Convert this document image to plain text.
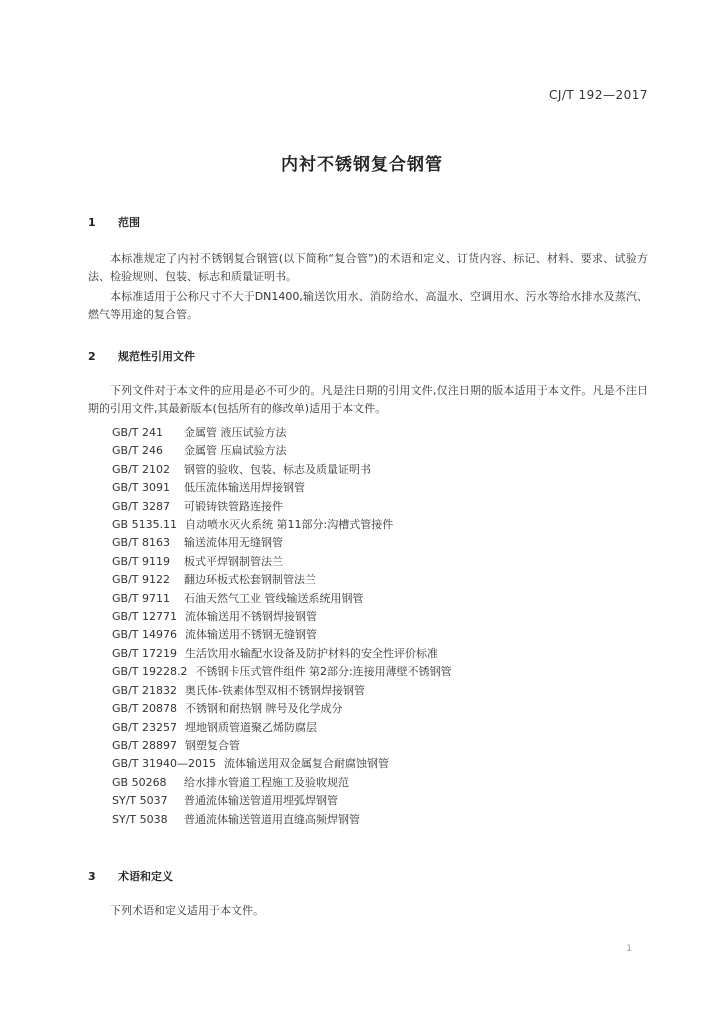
CJ/T 192—2017
内衬不锈钢复合钢管
1 范围

本标准规定了内衬不锈钢复合钢管(以下简称“复合管”)的术语和定义、订货内容、标记、材料、要求、试验方法、检验规则、包装、标志和质量证明书。

本标准适用于公称尺寸不大于DN1400,输送饮用水、消防给水、高温水、空调用水、污水等给水排水及蒸汽、燃气等用途的复合管。

2 规范性引用文件

下列文件对于本文件的应用是必不可少的。凡是注日期的引用文件,仅注日期的版本适用于本文件。凡是不注日期的引用文件,其最新版本(包括所有的修改单)适用于本文件。

GB/T 241 金属管 液压试验方法
GB/T 246 金属管 压扁试验方法
GB/T 2102 钢管的验收、包装、标志及质量证明书
GB/T 3091 低压流体输送用焊接钢管
GB/T 3287 可锻铸铁管路连接件
GB 5135.11 自动喷水灭火系统 第11部分:沟槽式管接件
GB/T 8163 输送流体用无缝钢管
GB/T 9119 板式平焊钢制管法兰
GB/T 9122 翻边环板式松套钢制管法兰
GB/T 9711 石油天然气工业 管线输送系统用钢管
GB/T 12771 流体输送用不锈钢焊接钢管
GB/T 14976 流体输送用不锈钢无缝钢管
GB/T 17219 生活饮用水输配水设备及防护材料的安全性评价标准
GB/T 19228.2 不锈钢卡压式管件组件 第2部分:连接用薄壁不锈钢管
GB/T 21832 奥氏体-铁素体型双相不锈钢焊接钢管
GB/T 20878 不锈钢和耐热钢 牌号及化学成分
GB/T 23257 埋地钢质管道聚乙烯防腐层
GB/T 28897 钢塑复合管
GB/T 31940—2015 流体输送用双金属复合耐腐蚀钢管
GB 50268 给水排水管道工程施工及验收规范
SY/T 5037 普通流体输送管道用埋弧焊钢管
SY/T 5038 普通流体输送管道用直缝高频焊钢管
3 术语和定义

下列术语和定义适用于本文件。

1
